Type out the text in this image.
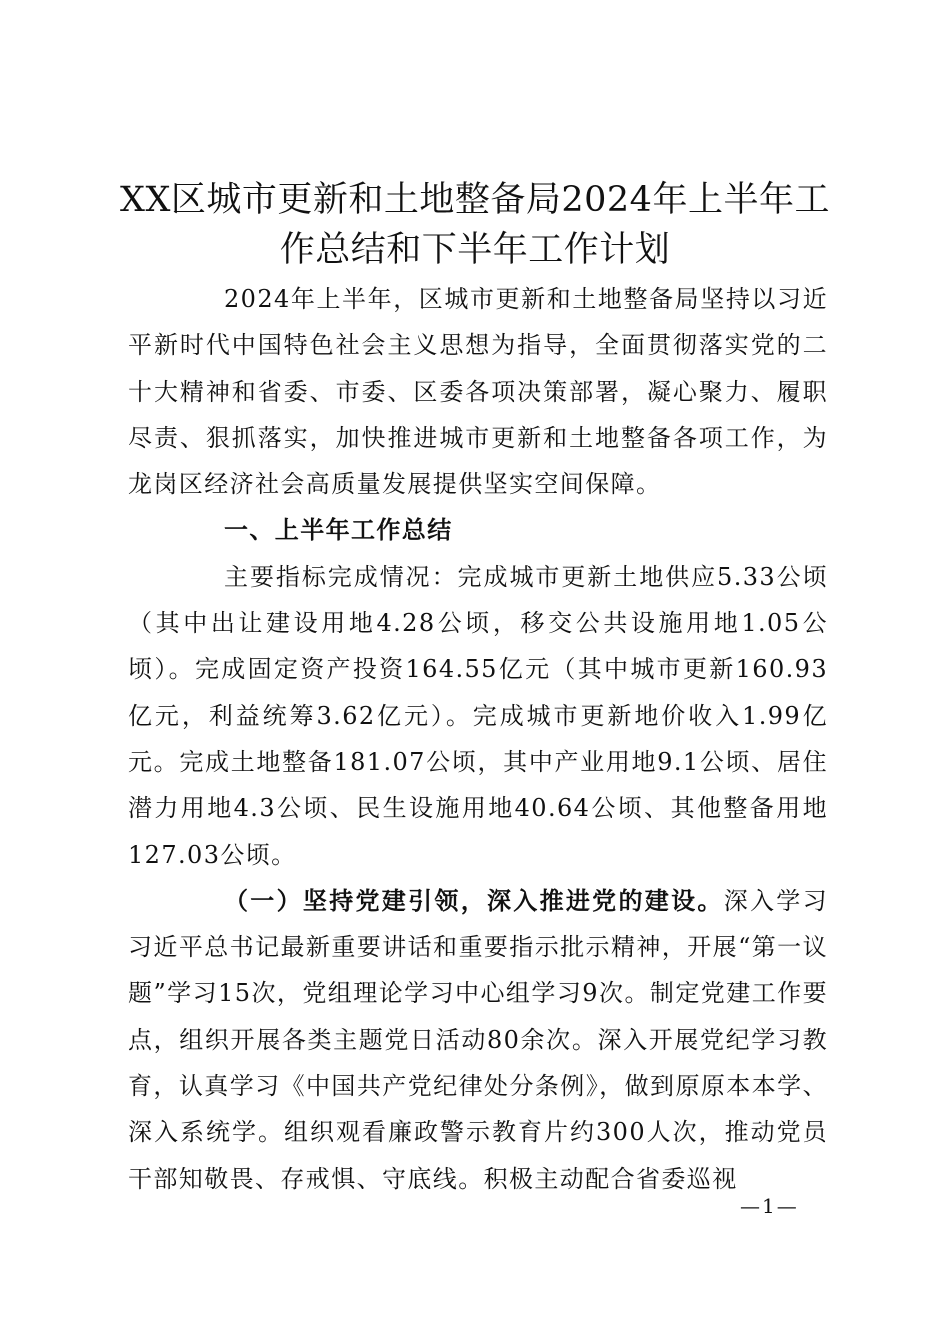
XX区城市更新和土地整备局2024年上半年工
作总结和下半年工作计划

2024年上半年，区城市更新和土地整备局坚持以习近平新时代中国特色社会主义思想为指导，全面贯彻落实党的二十大精神和省委、市委、区委各项决策部署，凝心聚力、履职尽责、狠抓落实，加快推进城市更新和土地整备各项工作，为龙岗区经济社会高质量发展提供坚实空间保障。

一、上半年工作总结

主要指标完成情况：完成城市更新土地供应5.33公顷（其中出让建设用地4.28公顷，移交公共设施用地1.05公顷）。完成固定资产投资164.55亿元（其中城市更新160.93亿元，利益统筹3.62亿元）。完成城市更新地价收入1.99亿元。完成土地整备181.07公顷，其中产业用地9.1公顷、居住潜力用地4.3公顷、民生设施用地40.64公顷、其他整备用地127.03公顷。

（一）坚持党建引领，深入推进党的建设。深入学习习近平总书记最新重要讲话和重要指示批示精神，开展“第一议题”学习15次，党组理论学习中心组学习9次。制定党建工作要点，组织开展各类主题党日活动80余次。深入开展党纪学习教育，认真学习《中国共产党纪律处分条例》，做到原原本本学、深入系统学。组织观看廉政警示教育片约300人次，推动党员干部知敬畏、存戒惧、守底线。积极主动配合省委巡视

—1—
